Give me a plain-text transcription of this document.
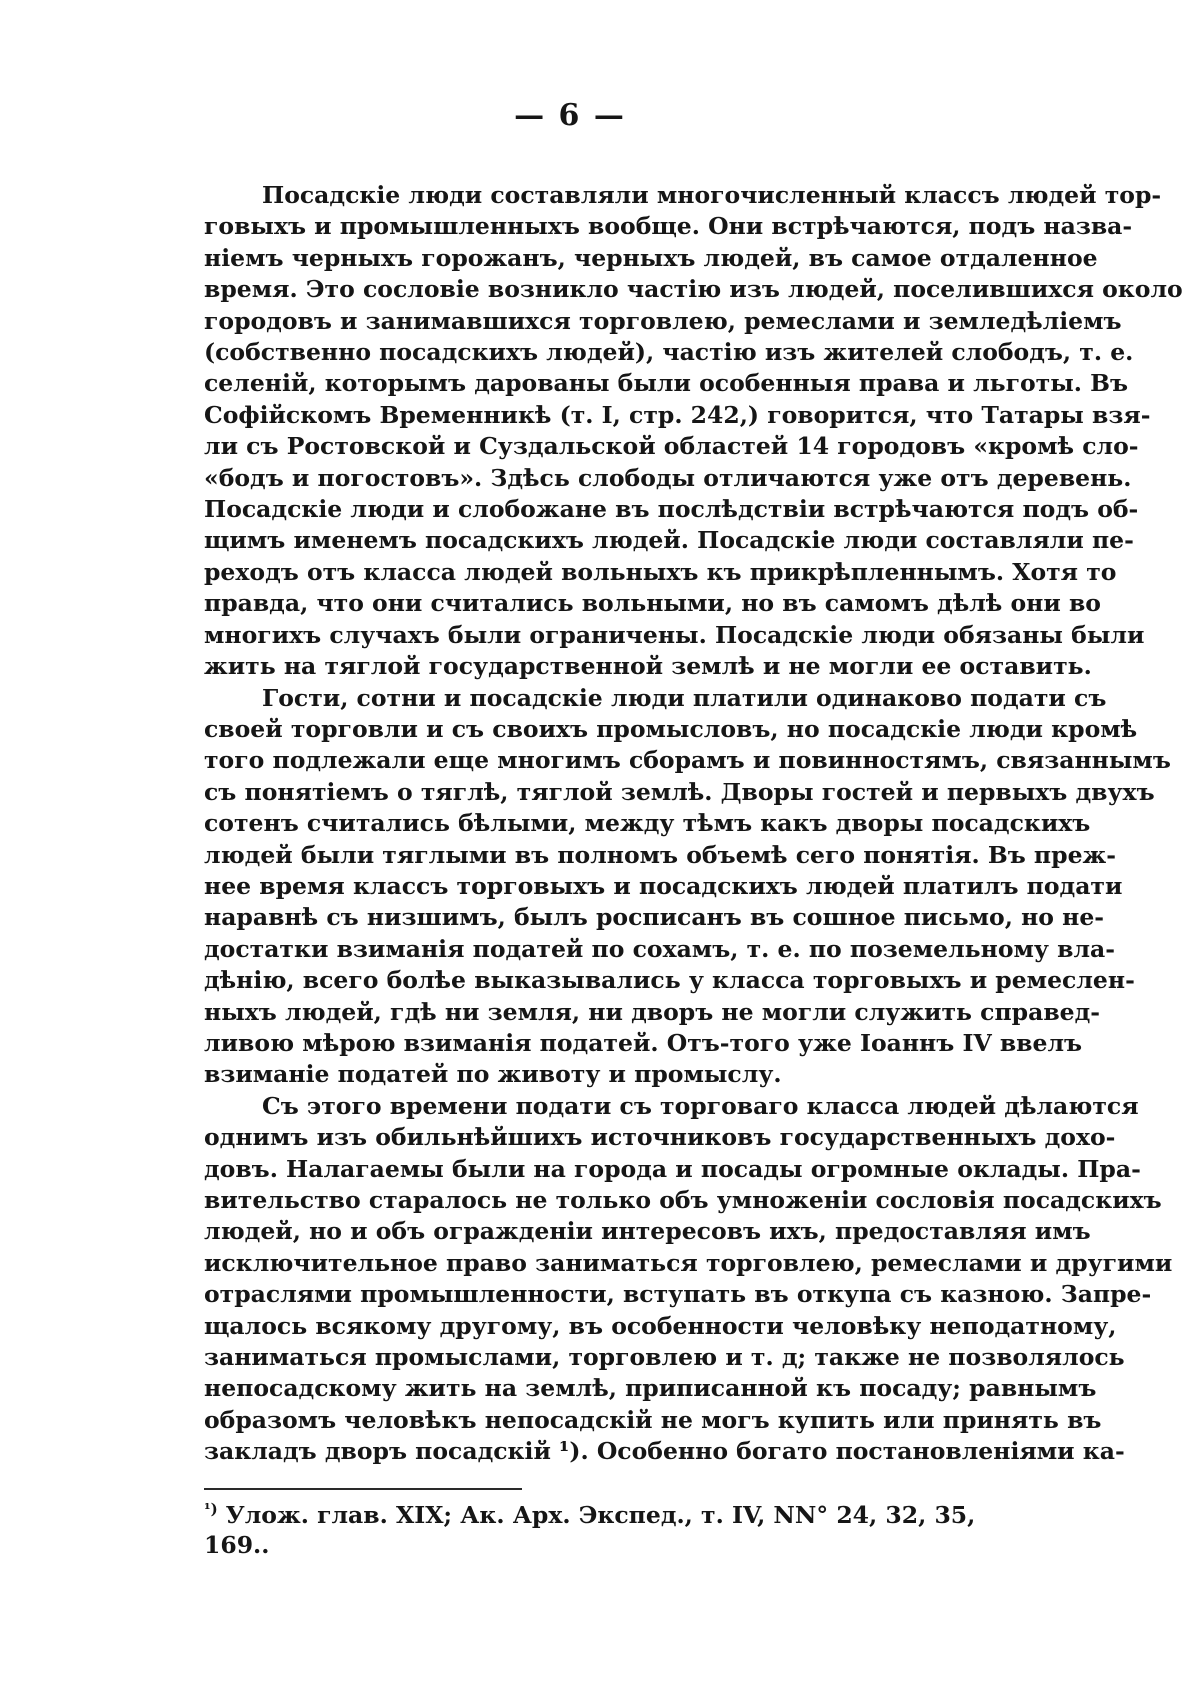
— 6 —
Посадскіе люди составляли многочисленный классъ людей тор-
говыхъ и промышленныхъ вообще. Они встрѣчаются, подъ назва-
ніемъ черныхъ горожанъ, черныхъ людей, въ самое отдаленное
время. Это сословіе возникло частію изъ людей, поселившихся около
городовъ и занимавшихся торговлею, ремеслами и земледѣліемъ
(собственно посадскихъ людей), частію изъ жителей слободъ, т. е.
селеній, которымъ дарованы были особенныя права и льготы. Въ
Софійскомъ Временникѣ (т. I, стр. 242,) говорится, что Татары взя-
ли съ Ростовской и Суздальской областей 14 городовъ «кромѣ сло-
«бодъ и погостовъ». Здѣсь слободы отличаются уже отъ деревень.
Посадскіе люди и слобожане въ послѣдствіи встрѣчаются подъ об-
щимъ именемъ посадскихъ людей. Посадскіе люди составляли пе-
реходъ отъ класса людей вольныхъ къ прикрѣпленнымъ. Хотя то
правда, что они считались вольными, но въ самомъ дѣлѣ они во
многихъ случахъ были ограничены. Посадскіе люди обязаны были
жить на тяглой государственной землѣ и не могли ее оставить.
Гости, сотни и посадскіе люди платили одинаково подати съ
своей торговли и съ своихъ промысловъ, но посадскіе люди кромѣ
того подлежали еще многимъ сборамъ и повинностямъ, связаннымъ
съ понятіемъ о тяглѣ, тяглой землѣ. Дворы гостей и первыхъ двухъ
сотенъ считались бѣлыми, между тѣмъ какъ дворы посадскихъ
людей были тяглыми въ полномъ объемѣ сего понятія. Въ преж-
нее время классъ торговыхъ и посадскихъ людей платилъ подати
наравнѣ съ низшимъ, былъ росписанъ въ сошное письмо, но не-
достатки взиманія податей по сохамъ, т. е. по поземельному вла-
дѣнію, всего болѣе выказывались у класса торговыхъ и ремеслен-
ныхъ людей, гдѣ ни земля, ни дворъ не могли служить справед-
ливою мѣрою взиманія податей. Отъ-того уже Іоаннъ IV ввелъ
взиманіе податей по животу и промыслу.
Съ этого времени подати съ торговаго класса людей дѣлаются
однимъ изъ обильнѣйшихъ источниковъ государственныхъ дохо-
довъ. Налагаемы были на города и посады огромные оклады. Пра-
вительство старалось не только объ умноженіи сословія посадскихъ
людей, но и объ огражденіи интересовъ ихъ, предоставляя имъ
исключительное право заниматься торговлею, ремеслами и другими
отраслями промышленности, вступать въ откупа съ казною. Запре-
щалось всякому другому, въ особенности человѣку неподатному,
заниматься промыслами, торговлею и т. д; также не позволялось
непосадскому жить на землѣ, приписанной къ посаду; равнымъ
образомъ человѣкъ непосадскій не могъ купить или принять въ
закладъ дворъ посадскій ¹). Особенно богато постановленіями ка-
$^{^1)}$ Улож. глав. XIX; Ак. Арх. Экспед., т. IV, NN° 24, 32, 35, 169..
